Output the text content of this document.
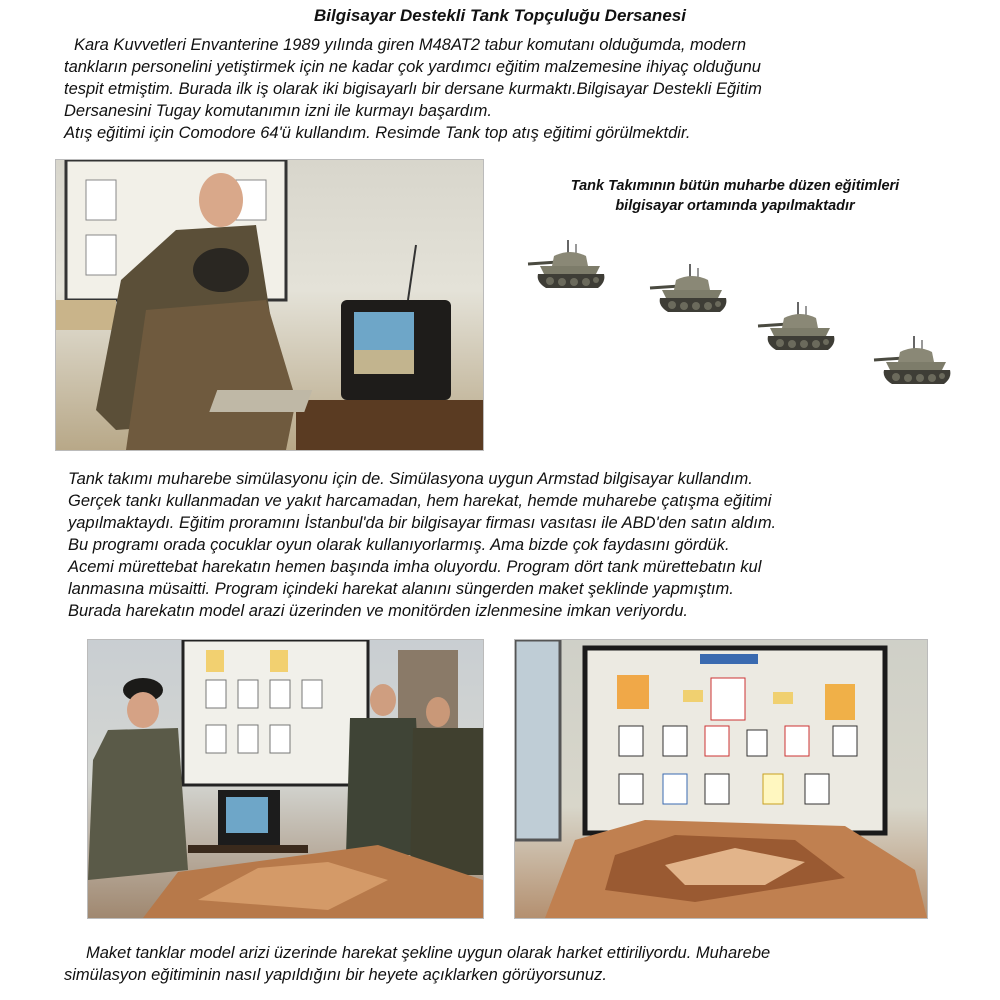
Bilgisayar Destekli Tank Topçuluğu Dersanesi
Kara Kuvvetleri Envanterine 1989 yılında giren M48AT2 tabur komutanı olduğumda, modern
tankların personelini yetiştirmek için ne kadar çok yardımcı eğitim malzemesine ihiyaç olduğunu
tespit etmiştim. Burada ilk iş olarak iki bigisayarlı bir dersane kurmaktı.Bilgisayar Destekli Eğitim
Dersanesini Tugay komutanımın izni ile kurmayı başardım.
Atış eğitimi için Comodore 64'ü kullandım. Resimde Tank top atış eğitimi görülmektdir.
Tank Takımının bütün muharbe düzen eğitimleri
bilgisayar ortamında yapılmaktadır
Tank takımı muharebe simülasyonu için de. Simülasyona uygun Armstad bilgisayar kullandım.
Gerçek tankı kullanmadan ve yakıt harcamadan, hem harekat, hemde muharebe çatışma eğitimi
yapılmaktaydı. Eğitim proramını İstanbul'da bir bilgisayar firması vasıtası ile ABD'den satın aldım.
Bu programı orada çocuklar oyun olarak kullanıyorlarmış. Ama bizde çok faydasını gördük.
Acemi mürettebat harekatın hemen başında imha oluyordu. Program dört tank mürettebatın kul
lanmasına müsaitti. Program içindeki harekat alanını süngerden maket şeklinde yapmıştım.
Burada harekatın model arazi üzerinden ve monitörden izlenmesine imkan veriyordu.
Maket tanklar model arizi üzerinde harekat şekline uygun olarak harket ettiriliyordu. Muharebe
simülasyon eğitiminin nasıl yapıldığını bir heyete açıklarken görüyorsunuz.
